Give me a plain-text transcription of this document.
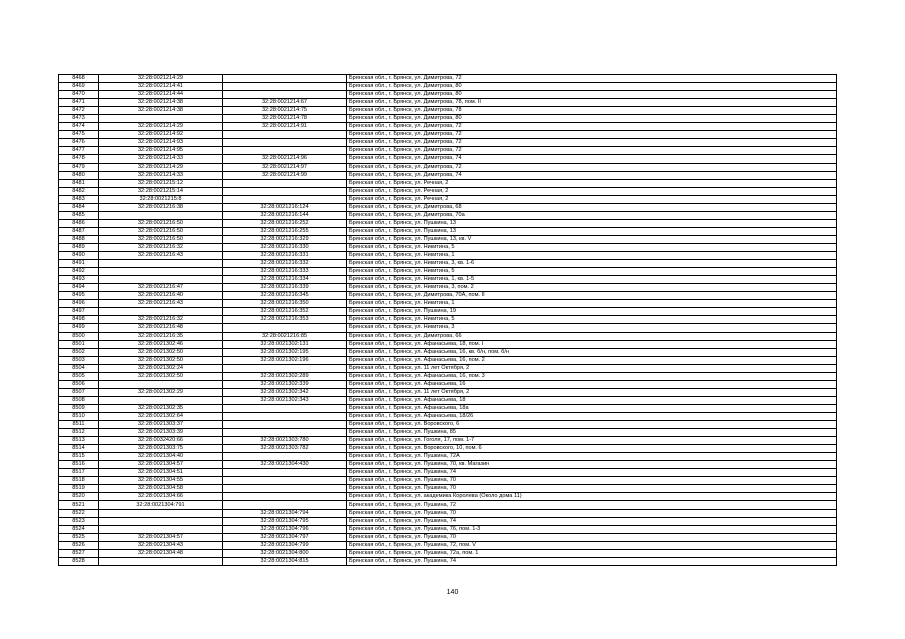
8468	32:28:0021214:29		Брянская обл., г. Брянск, ул. Димитрова, 72
8469	32:28:0021214:41		Брянская обл., г. Брянск, ул. Димитрова, 80
8470	32:28:0021214:44		Брянская обл., г. Брянск, ул. Димитрова, 80
8471	32:28:0021214:38	32:28:0021214:67	Брянская обл., г. Брянск, ул. Димитрова, 78, пом. II
8472	32:28:0021214:38	32:28:0021214:75	Брянская обл., г. Брянск, ул. Димитрова, 78
8473		32:28:0021214:78	Брянская обл., г. Брянск, ул. Димитрова, 80
8474	32:28:0021214:29	32:28:0021214:91	Брянская обл., г. Брянск, ул. Димитрова, 72
8475	32:28:0021214:92		Брянская обл., г. Брянск, ул. Димитрова, 72
8476	32:28:0021214:93		Брянская обл., г. Брянск, ул. Димитрова, 72
8477	32:28:0021214:95		Брянская обл., г. Брянск, ул. Димитрова, 72
8478	32:28:0021214:33	32:28:0021214:96	Брянская обл., г. Брянск, ул. Димитрова, 74
8479	32:28:0021214:29	32:28:0021214:97	Брянская обл., г. Брянск, ул. Димитрова, 72
8480	32:28:0021214:33	32:28:0021214:99	Брянская обл., г. Брянск, ул. Димитрова, 74
8481	32:28:0021215:12		Брянская обл., г. Брянск, ул. Речная, 2
8482	32:28:0021215:14		Брянская обл., г. Брянск, ул. Речная, 2
8483	32:28:0021215:8		Брянская обл., г. Брянск, ул. Речная, 2
8484	32:28:0021216:38	32:28:0021216:124	Брянская обл., г. Брянск, ул. Димитрова, 68
8485		32:28:0021216:144	Брянская обл., г. Брянск, ул. Димитрова, 70а
8486	32:28:0021216:50	32:28:0021216:252	Брянская обл., г. Брянск, ул. Пушкина, 13
8487	32:28:0021216:50	32:28:0021216:255	Брянская обл., г. Брянск, ул. Пушкина, 13
8488	32:28:0021216:50	32:28:0021216:329	Брянская обл., г. Брянск, ул. Пушкина, 13, кв. V
8489	32:28:0021216:32	32:28:0021216:330	Брянская обл., г. Брянск, ул. Никитина, 5
8490	32:28:0021216:43	32:28:0021216:331	Брянская обл., г. Брянск, ул. Никитина, 1
8491		32:28:0021216:332	Брянская обл., г. Брянск, ул. Никитина, 3, кв. 1-6
8492		32:28:0021216:333	Брянская обл., г. Брянск, ул. Никитина, 5
8493		32:28:0021216:334	Брянская обл., г. Брянск, ул. Никитина, 1, кв. 1-5
8494	32:28:0021216:47	32:28:0021216:339	Брянская обл., г. Брянск, ул. Никитина, 3, пом. 2
8495	32:28:0021216:40	32:28:0021216:345	Брянская обл., г. Брянск, ул. Димитрова, 70А, пом. II
8496	32:28:0021216:43	32:28:0021216:350	Брянская обл., г. Брянск, ул. Никитина, 1
8497		32:28:0021216:352	Брянская обл., г. Брянск, ул. Пушкина, 19
8498	32:28:0021216:32	32:28:0021216:353	Брянская обл., г. Брянск, ул. Никитина, 5
8499	32:28:0021216:48		Брянская обл., г. Брянск, ул. Никитина, 3
8500	32:28:0021216:35	32:28:0021216:85	Брянская обл., г. Брянск, ул. Димитрова, 66
8501	32:28:0021302:46	32:28:0021302:131	Брянская обл., г. Брянск, ул. Афанасьева, 18, пом. I
8502	32:28:0021302:50	32:28:0021302:195	Брянская обл., г. Брянск, ул. Афанасьева, 16, кв. б/н, пом. б/н
8503	32:28:0021302:50	32:28:0021302:196	Брянская обл., г. Брянск, ул. Афанасьева, 16, пом. 2
8504	32:28:0021302:24		Брянская обл., г. Брянск, ул. 11 лет Октября, 2
8505	32:28:0021302:50	32:28:0021302:289	Брянская обл., г. Брянск, ул. Афанасьева, 16, пом. 3
8506		32:28:0021302:339	Брянская обл., г. Брянск, ул. Афанасьева, 16
8507	32:28:0021302:29	32:28:0021302:342	Брянская обл., г. Брянск, ул. 11 лет Октября, 2
8508		32:28:0021302:343	Брянская обл., г. Брянск, ул. Афанасьева, 18
8509	32:28:0021302:35		Брянская обл., г. Брянск, ул. Афанасьева, 18а
8510	32:28:0021302:64		Брянская обл., г. Брянск, ул. Афанасьева, 18/26
8511	32:28:0021303:37		Брянская обл., г. Брянск, ул. Воровского, 6
8512	32:28:0021303:39		Брянская обл., г. Брянск, ул. Пушкина, 85
8513	32:28:0032420:66	32:28:0021303:780	Брянская обл., г. Брянск, ул. Гоголя, 17, пом. 1-7
8514	32:28:0021303:75	32:28:0021303:782	Брянская обл., г. Брянск, ул. Воровского, 10, пом. 6
8515	32:28:0021304:40		Брянская обл., г. Брянск, ул. Пушкина, 72А
8516	32:28:0021304:57	32:28:0021304:430	Брянская обл., г. Брянск, ул. Пушкина, 70, кв. Магазин
8517	32:28:0021304:51		Брянская обл., г. Брянск, ул. Пушкина, 74
8518	32:28:0021304:55		Брянская обл., г. Брянск, ул. Пушкина, 70
8519	32:28:0021304:58		Брянская обл., г. Брянск, ул. Пушкина, 70
8520	32:28:0021304:66		Брянская обл., г. Брянск, ул. академика Королева (Около дома 11)
8521	32:28:0021304:791		Брянская обл., г. Брянск, ул. Пушкина, 72
8522		32:28:0021304:794	Брянская обл., г. Брянск, ул. Пушкина, 70
8523		32:28:0021304:795	Брянская обл., г. Брянск, ул. Пушкина, 74
8524		32:28:0021304:796	Брянская обл., г. Брянск, ул. Пушкина, 76, пом. 1-3
8525	32:28:0021304:57	32:28:0021304:797	Брянская обл., г. Брянск, ул. Пушкина, 70
8526	32:28:0021304:43	32:28:0021304:799	Брянская обл., г. Брянск, ул. Пушкина, 72, пом. V
8527	32:28:0021304:48	32:28:0021304:800	Брянская обл., г. Брянск, ул. Пушкина, 72а, пом. 1
8528		32:28:0021304:815	Брянская обл., г. Брянск, ул. Пушкина, 74
140
